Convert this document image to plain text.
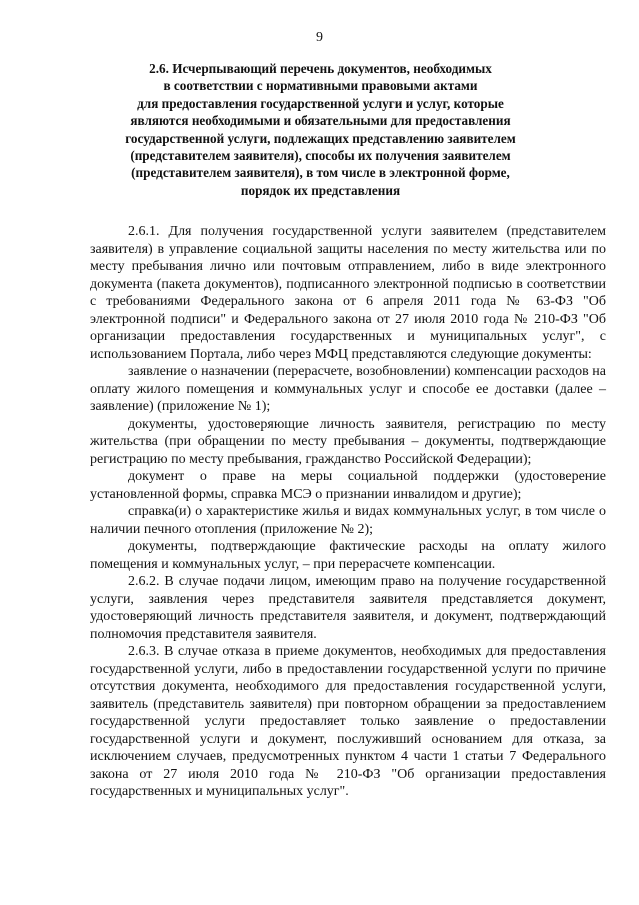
9
2.6. Исчерпывающий перечень документов, необходимых
в соответствии с нормативными правовыми актами
для предоставления государственной услуги и услуг, которые
являются необходимыми и обязательными для предоставления
государственной услуги, подлежащих представлению заявителем
(представителем заявителя), способы их получения заявителем
(представителем заявителя), в том числе в электронной форме,
порядок их представления

2.6.1. Для получения государственной услуги заявителем (представителем заявителя) в управление социальной защиты населения по месту жительства или по месту пребывания лично или почтовым отправлением, либо в виде электронного документа (пакета документов), подписанного электронной подписью в соответствии с требованиями Федерального закона от 6 апреля 2011 года № 63-ФЗ "Об электронной подписи" и Федерального закона от 27 июля 2010 года № 210-ФЗ "Об организации предоставления государственных и муниципальных услуг", с использованием Портала, либо через МФЦ представляются следующие документы:

заявление о назначении (перерасчете, возобновлении) компенсации расходов на оплату жилого помещения и коммунальных услуг и способе ее доставки (далее – заявление) (приложение № 1);

документы, удостоверяющие личность заявителя, регистрацию по месту жительства (при обращении по месту пребывания – документы, подтверждающие регистрацию по месту пребывания, гражданство Российской Федерации);

документ о праве на меры социальной поддержки (удостоверение установленной формы, справка МСЭ о признании инвалидом и другие);

справка(и) о характеристике жилья и видах коммунальных услуг, в том числе о наличии печного отопления (приложение № 2);

документы, подтверждающие фактические расходы на оплату жилого помещения и коммунальных услуг, – при перерасчете компенсации.

2.6.2. В случае подачи лицом, имеющим право на получение государственной услуги, заявления через представителя заявителя представляется документ, удостоверяющий личность представителя заявителя, и документ, подтверждающий полномочия представителя заявителя.

2.6.3. В случае отказа в приеме документов, необходимых для предоставления государственной услуги, либо в предоставлении государственной услуги по причине отсутствия документа, необходимого для предоставления государственной услуги, заявитель (представитель заявителя) при повторном обращении за предоставлением государственной услуги предоставляет только заявление о предоставлении государственной услуги и документ, послуживший основанием для отказа, за исключением случаев, предусмотренных пунктом 4 части 1 статьи 7 Федерального закона от 27 июля 2010 года № 210-ФЗ "Об организации предоставления государственных и муниципальных услуг".
